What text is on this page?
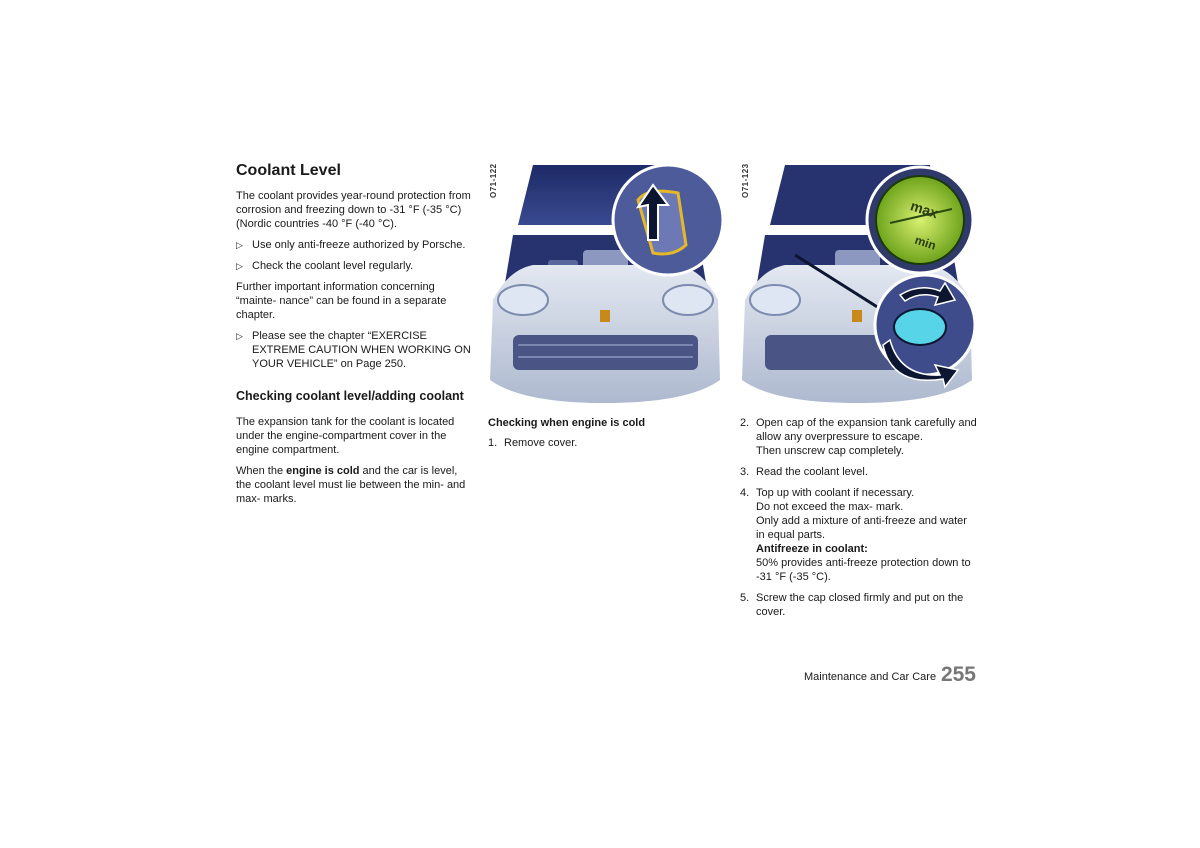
Coolant Level

The coolant provides year-round protection from corrosion and freezing down to -31 °F (-35 °C) (Nordic countries -40 °F (-40 °C).

▷ Use only anti-freeze authorized by Porsche.
▷ Check the coolant level regularly.

Further important information concerning “mainte- nance” can be found in a separate chapter.

▷ Please see the chapter “EXERCISE EXTREME CAUTION WHEN WORKING ON YOUR VEHICLE” on Page 250.
Checking coolant level/adding coolant

The expansion tank for the coolant is located under the engine-compartment cover in the engine compartment.

When the engine is cold and the car is level, the coolant level must lie between the min- and max- marks.

O71-122
Checking when engine is cold
1. Remove cover.
O71-123
max
min
2. Open cap of the expansion tank carefully and allow any overpressure to escape.
Then unscrew cap completely.
3. Read the coolant level.
4. Top up with coolant if necessary.
Do not exceed the max- mark.
Only add a mixture of anti-freeze and water in equal parts.
Antifreeze in coolant:
50% provides anti-freeze protection down to -31 °F (-35 °C).
5. Screw the cap closed firmly and put on the cover.
Maintenance and Car Care 255
